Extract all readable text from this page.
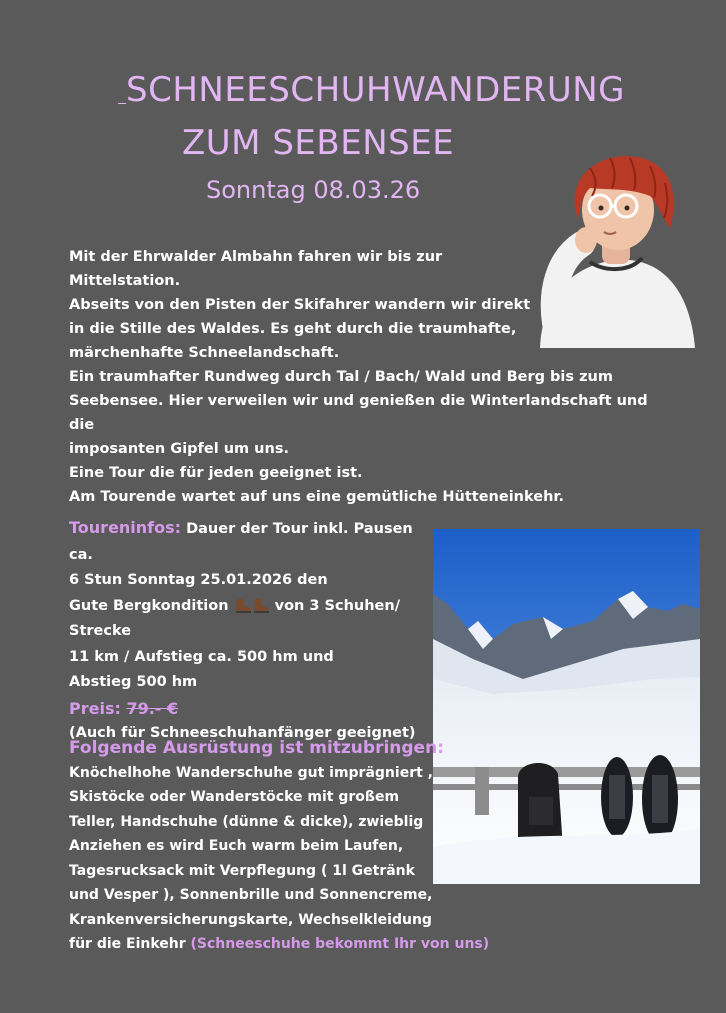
SCHNEESCHUHWANDERUNG
ZUM SEBENSEE

Sonntag 08.03.26

Mit der Ehrwalder Almbahn fahren wir bis zur

Mittelstation.

Abseits von den Pisten der Skifahrer wandern wir direkt

in die Stille des Waldes. Es geht durch die traumhafte,

märchenhafte Schneelandschaft.

Ein traumhafter Rundweg durch Tal / Bach/ Wald und Berg bis zum

Seebensee. Hier verweilen wir und genießen die Winterlandschaft und die

imposanten Gipfel um uns.

Eine Tour die für jeden geeignet ist.

Am Tourende wartet auf uns eine gemütliche Hütteneinkehr.

Toureninfos: Dauer der Tour inkl. Pausen ca.

6 Stun Sonntag 25.01.2026 den

Gute Bergkondition  von 3 Schuhen/

Strecke

11 km / Aufstieg ca. 500 hm und

Abstieg 500 hm

Preis: 79.- €

(Auch für Schneeschuhanfänger geeignet)

Folgende Ausrüstung ist mitzubringen:

Knöchelhohe Wanderschuhe gut imprägniert ,

Skistöcke oder Wanderstöcke mit großem

Teller, Handschuhe (dünne & dicke), zwieblig

Anziehen es wird Euch warm beim Laufen,

Tagesrucksack mit Verpflegung ( 1l Getränk

und Vesper ), Sonnenbrille und Sonnencreme,

Krankenversicherungskarte, Wechselkleidung

für die Einkehr (Schneeschuhe bekommt Ihr von uns)
